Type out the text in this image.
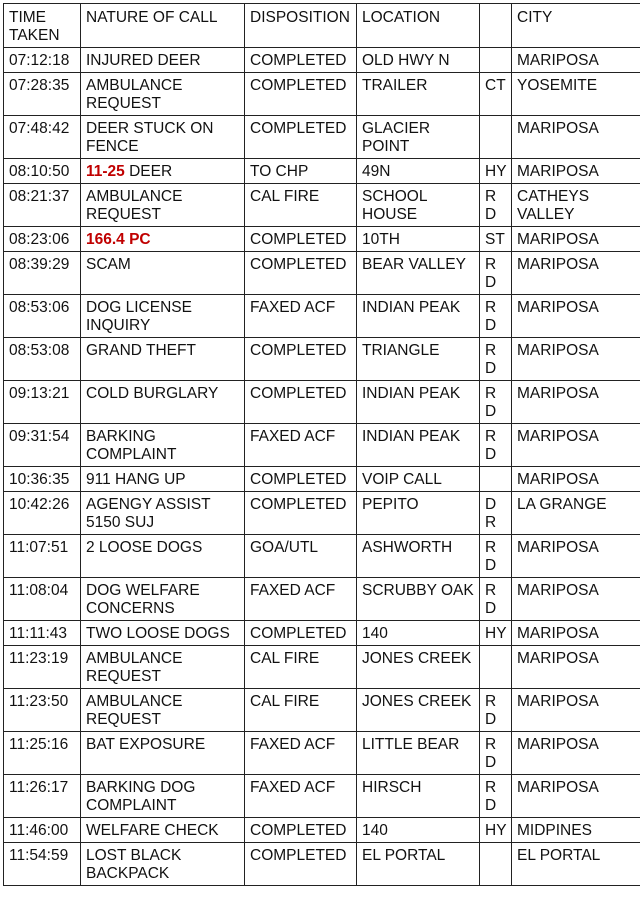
TIME TAKEN	NATURE OF CALL	DISPOSITION	LOCATION		CITY
07:12:18	INJURED DEER	COMPLETED	OLD HWY N		MARIPOSA
07:28:35	AMBULANCE REQUEST	COMPLETED	TRAILER	CT	YOSEMITE
07:48:42	DEER STUCK ON FENCE	COMPLETED	GLACIER POINT		MARIPOSA
08:10:50	11-25 DEER	TO CHP	49N	HY	MARIPOSA
08:21:37	AMBULANCE REQUEST	CAL FIRE	SCHOOL HOUSE	RD	CATHEYS VALLEY
08:23:06	166.4 PC	COMPLETED	10TH	ST	MARIPOSA
08:39:29	SCAM	COMPLETED	BEAR VALLEY	RD	MARIPOSA
08:53:06	DOG LICENSE INQUIRY	FAXED ACF	INDIAN PEAK	RD	MARIPOSA
08:53:08	GRAND THEFT	COMPLETED	TRIANGLE	RD	MARIPOSA
09:13:21	COLD BURGLARY	COMPLETED	INDIAN PEAK	RD	MARIPOSA
09:31:54	BARKING COMPLAINT	FAXED ACF	INDIAN PEAK	RD	MARIPOSA
10:36:35	911 HANG UP	COMPLETED	VOIP CALL		MARIPOSA
10:42:26	AGENGY ASSIST 5150 SUJ	COMPLETED	PEPITO	DR	LA GRANGE
11:07:51	2 LOOSE DOGS	GOA/UTL	ASHWORTH	RD	MARIPOSA
11:08:04	DOG WELFARE CONCERNS	FAXED ACF	SCRUBBY OAK	RD	MARIPOSA
11:11:43	TWO LOOSE DOGS	COMPLETED	140	HY	MARIPOSA
11:23:19	AMBULANCE REQUEST	CAL FIRE	JONES CREEK		MARIPOSA
11:23:50	AMBULANCE REQUEST	CAL FIRE	JONES CREEK	RD	MARIPOSA
11:25:16	BAT EXPOSURE	FAXED ACF	LITTLE BEAR	RD	MARIPOSA
11:26:17	BARKING DOG COMPLAINT	FAXED ACF	HIRSCH	RD	MARIPOSA
11:46:00	WELFARE CHECK	COMPLETED	140	HY	MIDPINES
11:54:59	LOST BLACK BACKPACK	COMPLETED	EL PORTAL		EL PORTAL
